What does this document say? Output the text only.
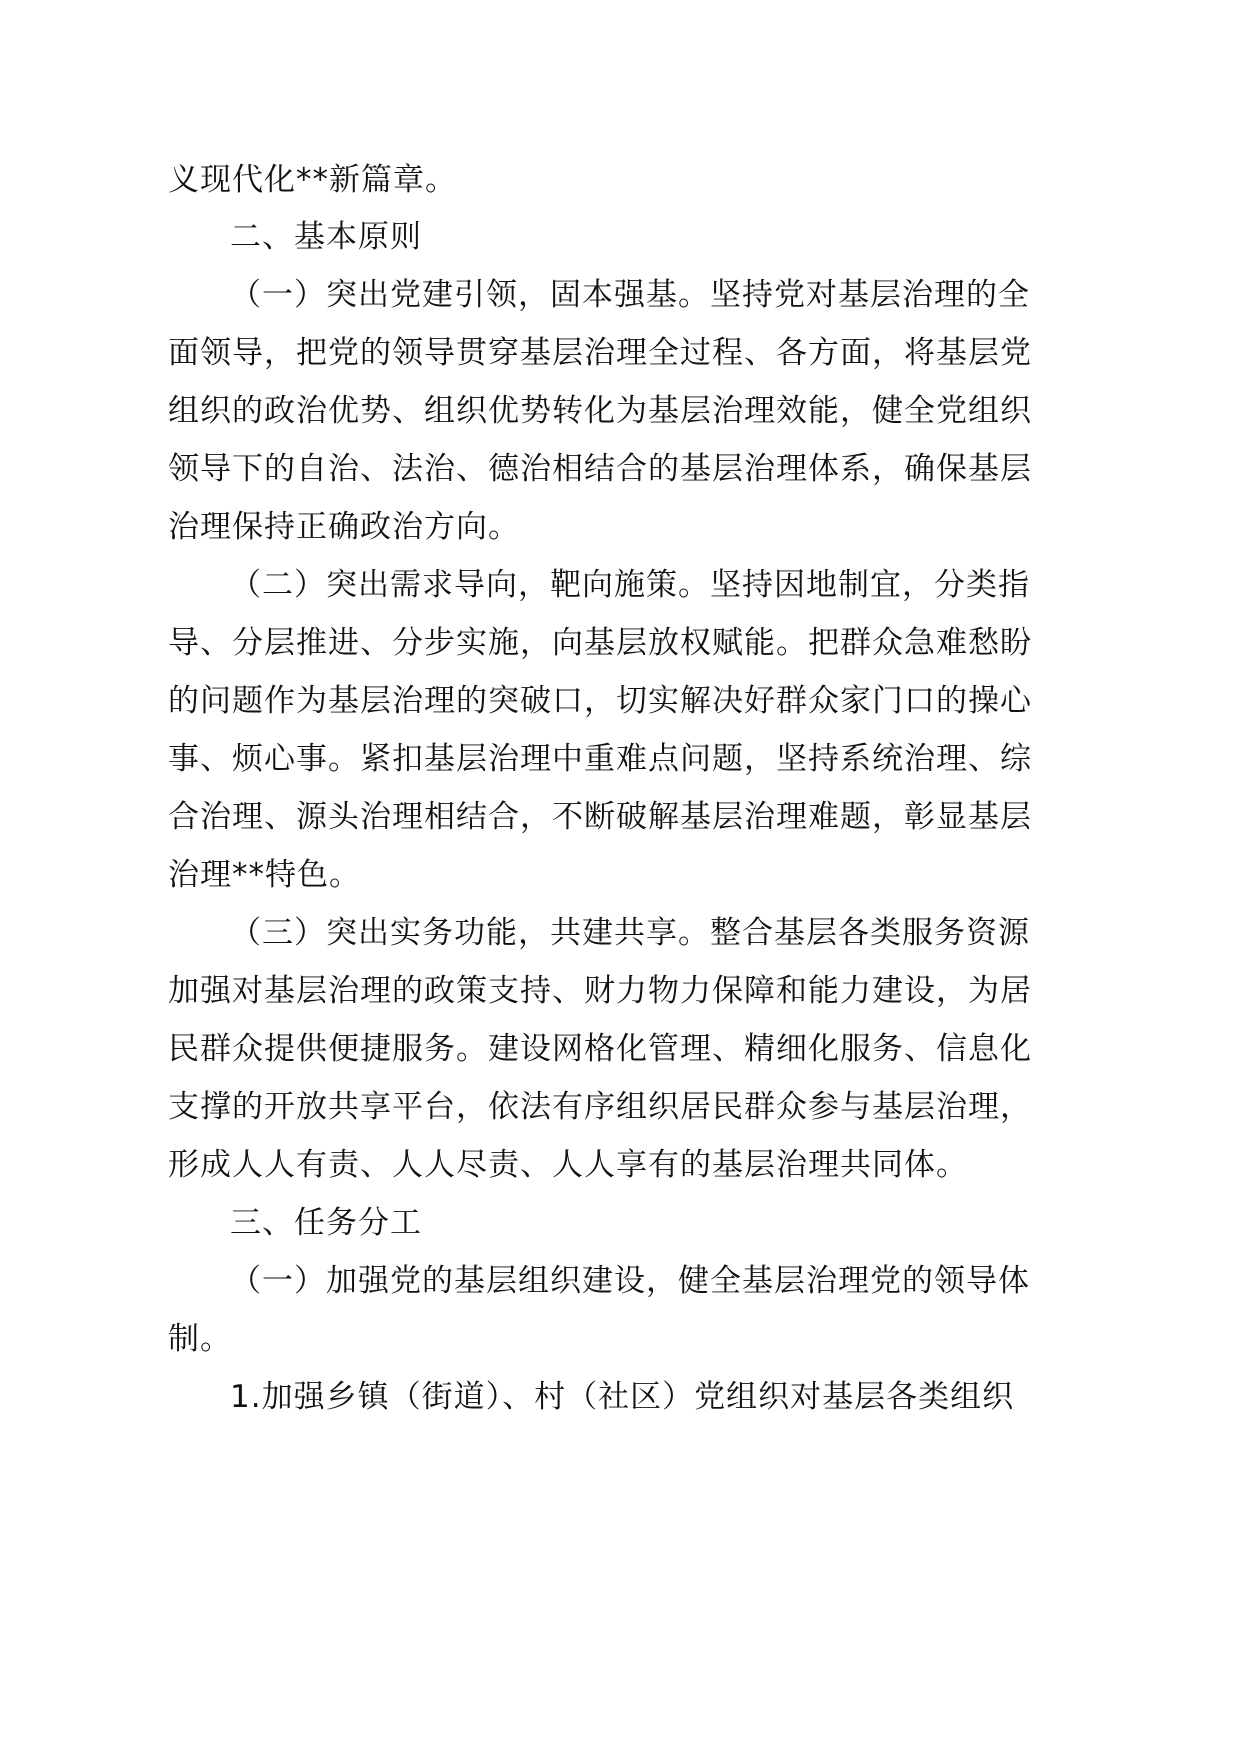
义现代化**新篇章。
二、基本原则
（一）突出党建引领，固本强基。坚持党对基层治理的全
面领导，把党的领导贯穿基层治理全过程、各方面，将基层党
组织的政治优势、组织优势转化为基层治理效能，健全党组织
领导下的自治、法治、德治相结合的基层治理体系，确保基层
治理保持正确政治方向。
（二）突出需求导向，靶向施策。坚持因地制宜，分类指
导、分层推进、分步实施，向基层放权赋能。把群众急难愁盼
的问题作为基层治理的突破口，切实解决好群众家门口的操心
事、烦心事。紧扣基层治理中重难点问题，坚持系统治理、综
合治理、源头治理相结合，不断破解基层治理难题，彰显基层
治理**特色。
（三）突出实务功能，共建共享。整合基层各类服务资源
加强对基层治理的政策支持、财力物力保障和能力建设，为居
民群众提供便捷服务。建设网格化管理、精细化服务、信息化
支撑的开放共享平台，依法有序组织居民群众参与基层治理，
形成人人有责、人人尽责、人人享有的基层治理共同体。
三、任务分工
（一）加强党的基层组织建设，健全基层治理党的领导体
制。
1.加强乡镇（街道）、村（社区）党组织对基层各类组织
